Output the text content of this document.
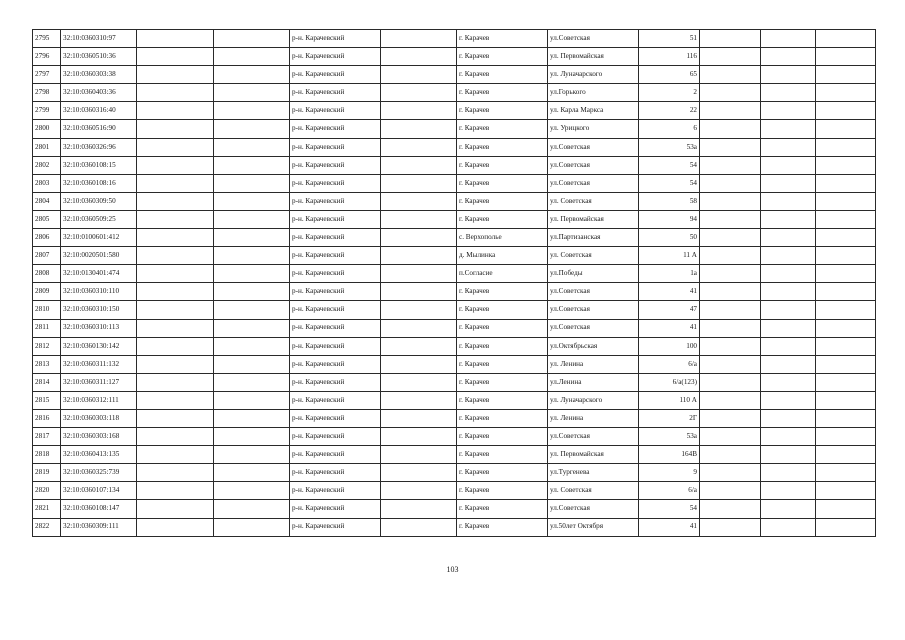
2795	32:10:0360310:97			р-н. Карачевский		г. Карачев	ул.Советская	51			
2796	32:10:0360510:36			р-н. Карачевский		г. Карачев	ул. Первомайская	116			
2797	32:10:0360303:38			р-н. Карачевский		г. Карачев	ул. Луначарского	65			
2798	32:10:0360403:36			р-н. Карачевский		г. Карачев	ул.Горького	2			
2799	32:10:0360316:40			р-н. Карачевский		г. Карачев	ул. Карла Маркса	22			
2800	32:10:0360516:90			р-н. Карачевский		г. Карачев	ул. Урицкого	6			
2801	32:10:0360326:96			р-н. Карачевский		г. Карачев	ул.Советская	53а			
2802	32:10:0360108:15			р-н. Карачевский		г. Карачев	ул.Советская	54			
2803	32:10:0360108:16			р-н. Карачевский		г. Карачев	ул.Советская	54			
2804	32:10:0360309:50			р-н. Карачевский		г. Карачев	ул. Советская	58			
2805	32:10:0360509:25			р-н. Карачевский		г. Карачев	ул. Первомайская	94			
2806	32:10:0100601:412			р-н. Карачевский		с. Верхополье	ул.Партизанская	50			
2807	32:10:0020501:580			р-н. Карачевский		д. Мылинка	ул. Советская	11 А			
2808	32:10:0130401:474			р-н. Карачевский		п.Согласие	ул.Победы	1а			
2809	32:10:0360310:110			р-н. Карачевский		г. Карачев	ул.Советская	41			
2810	32:10:0360310:150			р-н. Карачевский		г. Карачев	ул.Советская	47			
2811	32:10:0360310:113			р-н. Карачевский		г. Карачев	ул.Советская	41			
2812	32:10:0360130:142			р-н. Карачевский		г. Карачев	ул.Октябрьская	100			
2813	32:10:0360311:132			р-н. Карачевский		г. Карачев	ул. Ленина	6/а			
2814	32:10:0360311:127			р-н. Карачевский		г. Карачев	ул.Ленина	6/а(123)			
2815	32:10:0360312:111			р-н. Карачевский		г. Карачев	ул. Луначарского	110 А			
2816	32:10:0360303:118			р-н. Карачевский		г. Карачев	ул. Ленина	2Г			
2817	32:10:0360303:168			р-н. Карачевский		г. Карачев	ул.Советская	53а			
2818	32:10:0360413:135			р-н. Карачевский		г. Карачев	ул. Первомайская	164В			
2819	32:10:0360325:739			р-н. Карачевский		г. Карачев	ул.Тургенева	9			
2820	32:10:0360107:134			р-н. Карачевский		г. Карачев	ул. Советская	6/а			
2821	32:10:0360108:147			р-н. Карачевский		г. Карачев	ул.Советская	54			
2822	32:10:0360309:111			р-н. Карачевский		г. Карачев	ул.50лет Октября	41			
103
